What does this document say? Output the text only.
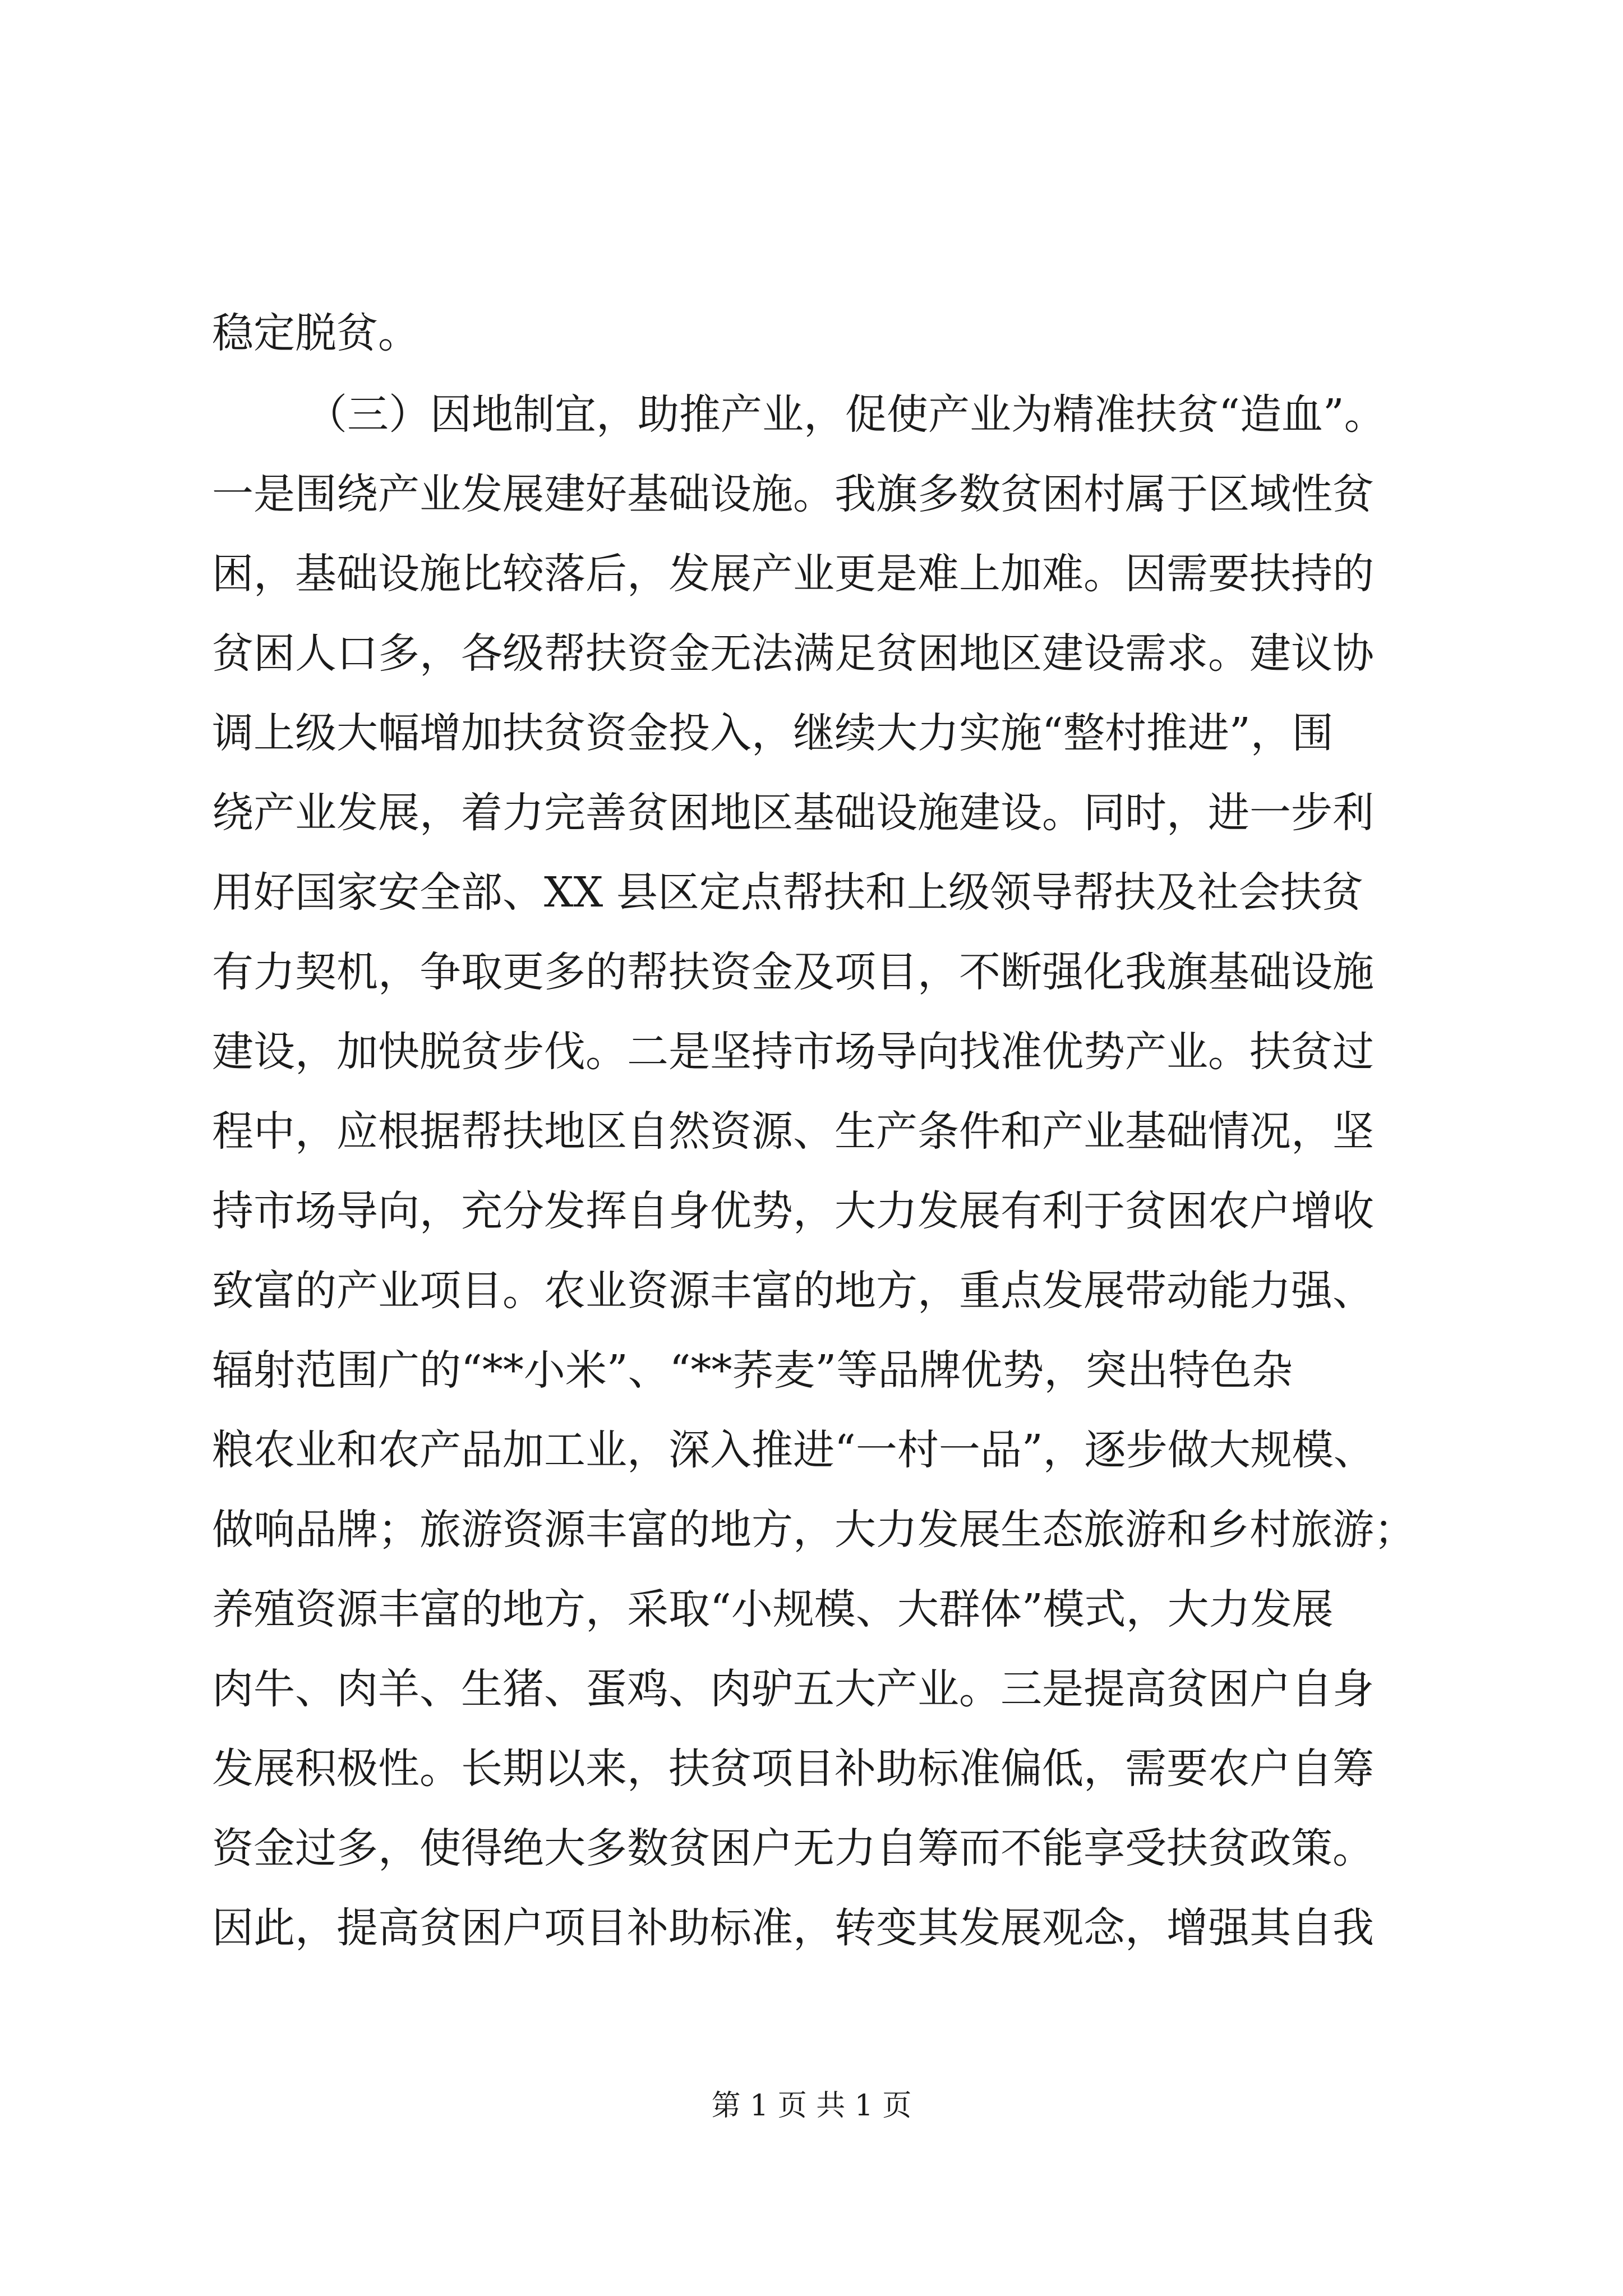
稳定脱贫。
（三）因地制宜，助推产业，促使产业为精准扶贫“造血”。
一是围绕产业发展建好基础设施。我旗多数贫困村属于区域性贫
困，基础设施比较落后，发展产业更是难上加难。因需要扶持的
贫困人口多，各级帮扶资金无法满足贫困地区建设需求。建议协
调上级大幅增加扶贫资金投入，继续大力实施“整村推进”，围
绕产业发展，着力完善贫困地区基础设施建设。同时，进一步利
用好国家安全部、XX 县区定点帮扶和上级领导帮扶及社会扶贫
有力契机，争取更多的帮扶资金及项目，不断强化我旗基础设施
建设，加快脱贫步伐。二是坚持市场导向找准优势产业。扶贫过
程中，应根据帮扶地区自然资源、生产条件和产业基础情况，坚
持市场导向，充分发挥自身优势，大力发展有利于贫困农户增收
致富的产业项目。农业资源丰富的地方，重点发展带动能力强、
辐射范围广的“**小米”、“**荞麦”等品牌优势，突出特色杂
粮农业和农产品加工业，深入推进“一村一品”，逐步做大规模、
做响品牌；旅游资源丰富的地方，大力发展生态旅游和乡村旅游；
养殖资源丰富的地方，采取“小规模、大群体”模式，大力发展
肉牛、肉羊、生猪、蛋鸡、肉驴五大产业。三是提高贫困户自身
发展积极性。长期以来，扶贫项目补助标准偏低，需要农户自筹
资金过多，使得绝大多数贫困户无力自筹而不能享受扶贫政策。
因此，提高贫困户项目补助标准，转变其发展观念，增强其自我
第 1 页 共 1 页
